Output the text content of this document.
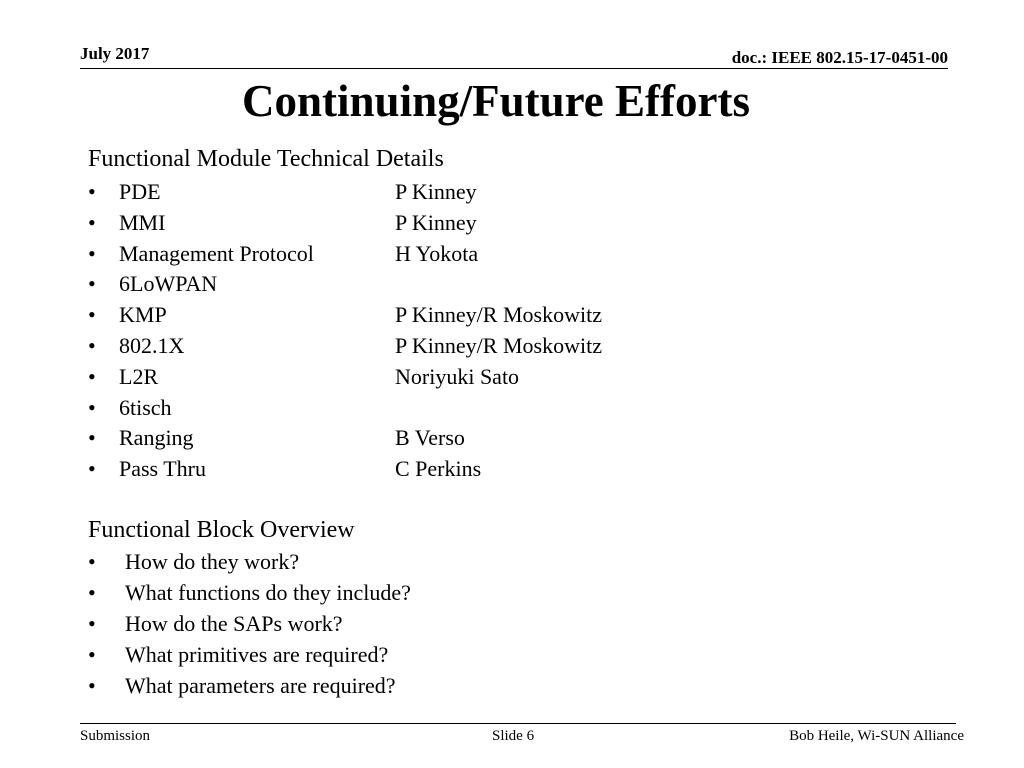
July 2017	doc.: IEEE 802.15-17-0451-00
Continuing/Future Efforts
Functional Module Technical Details
• PDE	P Kinney
• MMI	P Kinney
• Management Protocol	H Yokota
• 6LoWPAN
• KMP	P Kinney/R Moskowitz
• 802.1X	P Kinney/R Moskowitz
• L2R	Noriyuki Sato
• 6tisch
• Ranging	B Verso
• Pass Thru	C Perkins
Functional Block Overview
• How do they work?
• What functions do they include?
• How do the SAPs work?
• What primitives are required?
• What parameters are required?
Submission	Slide 6	Bob Heile, Wi-SUN Alliance
